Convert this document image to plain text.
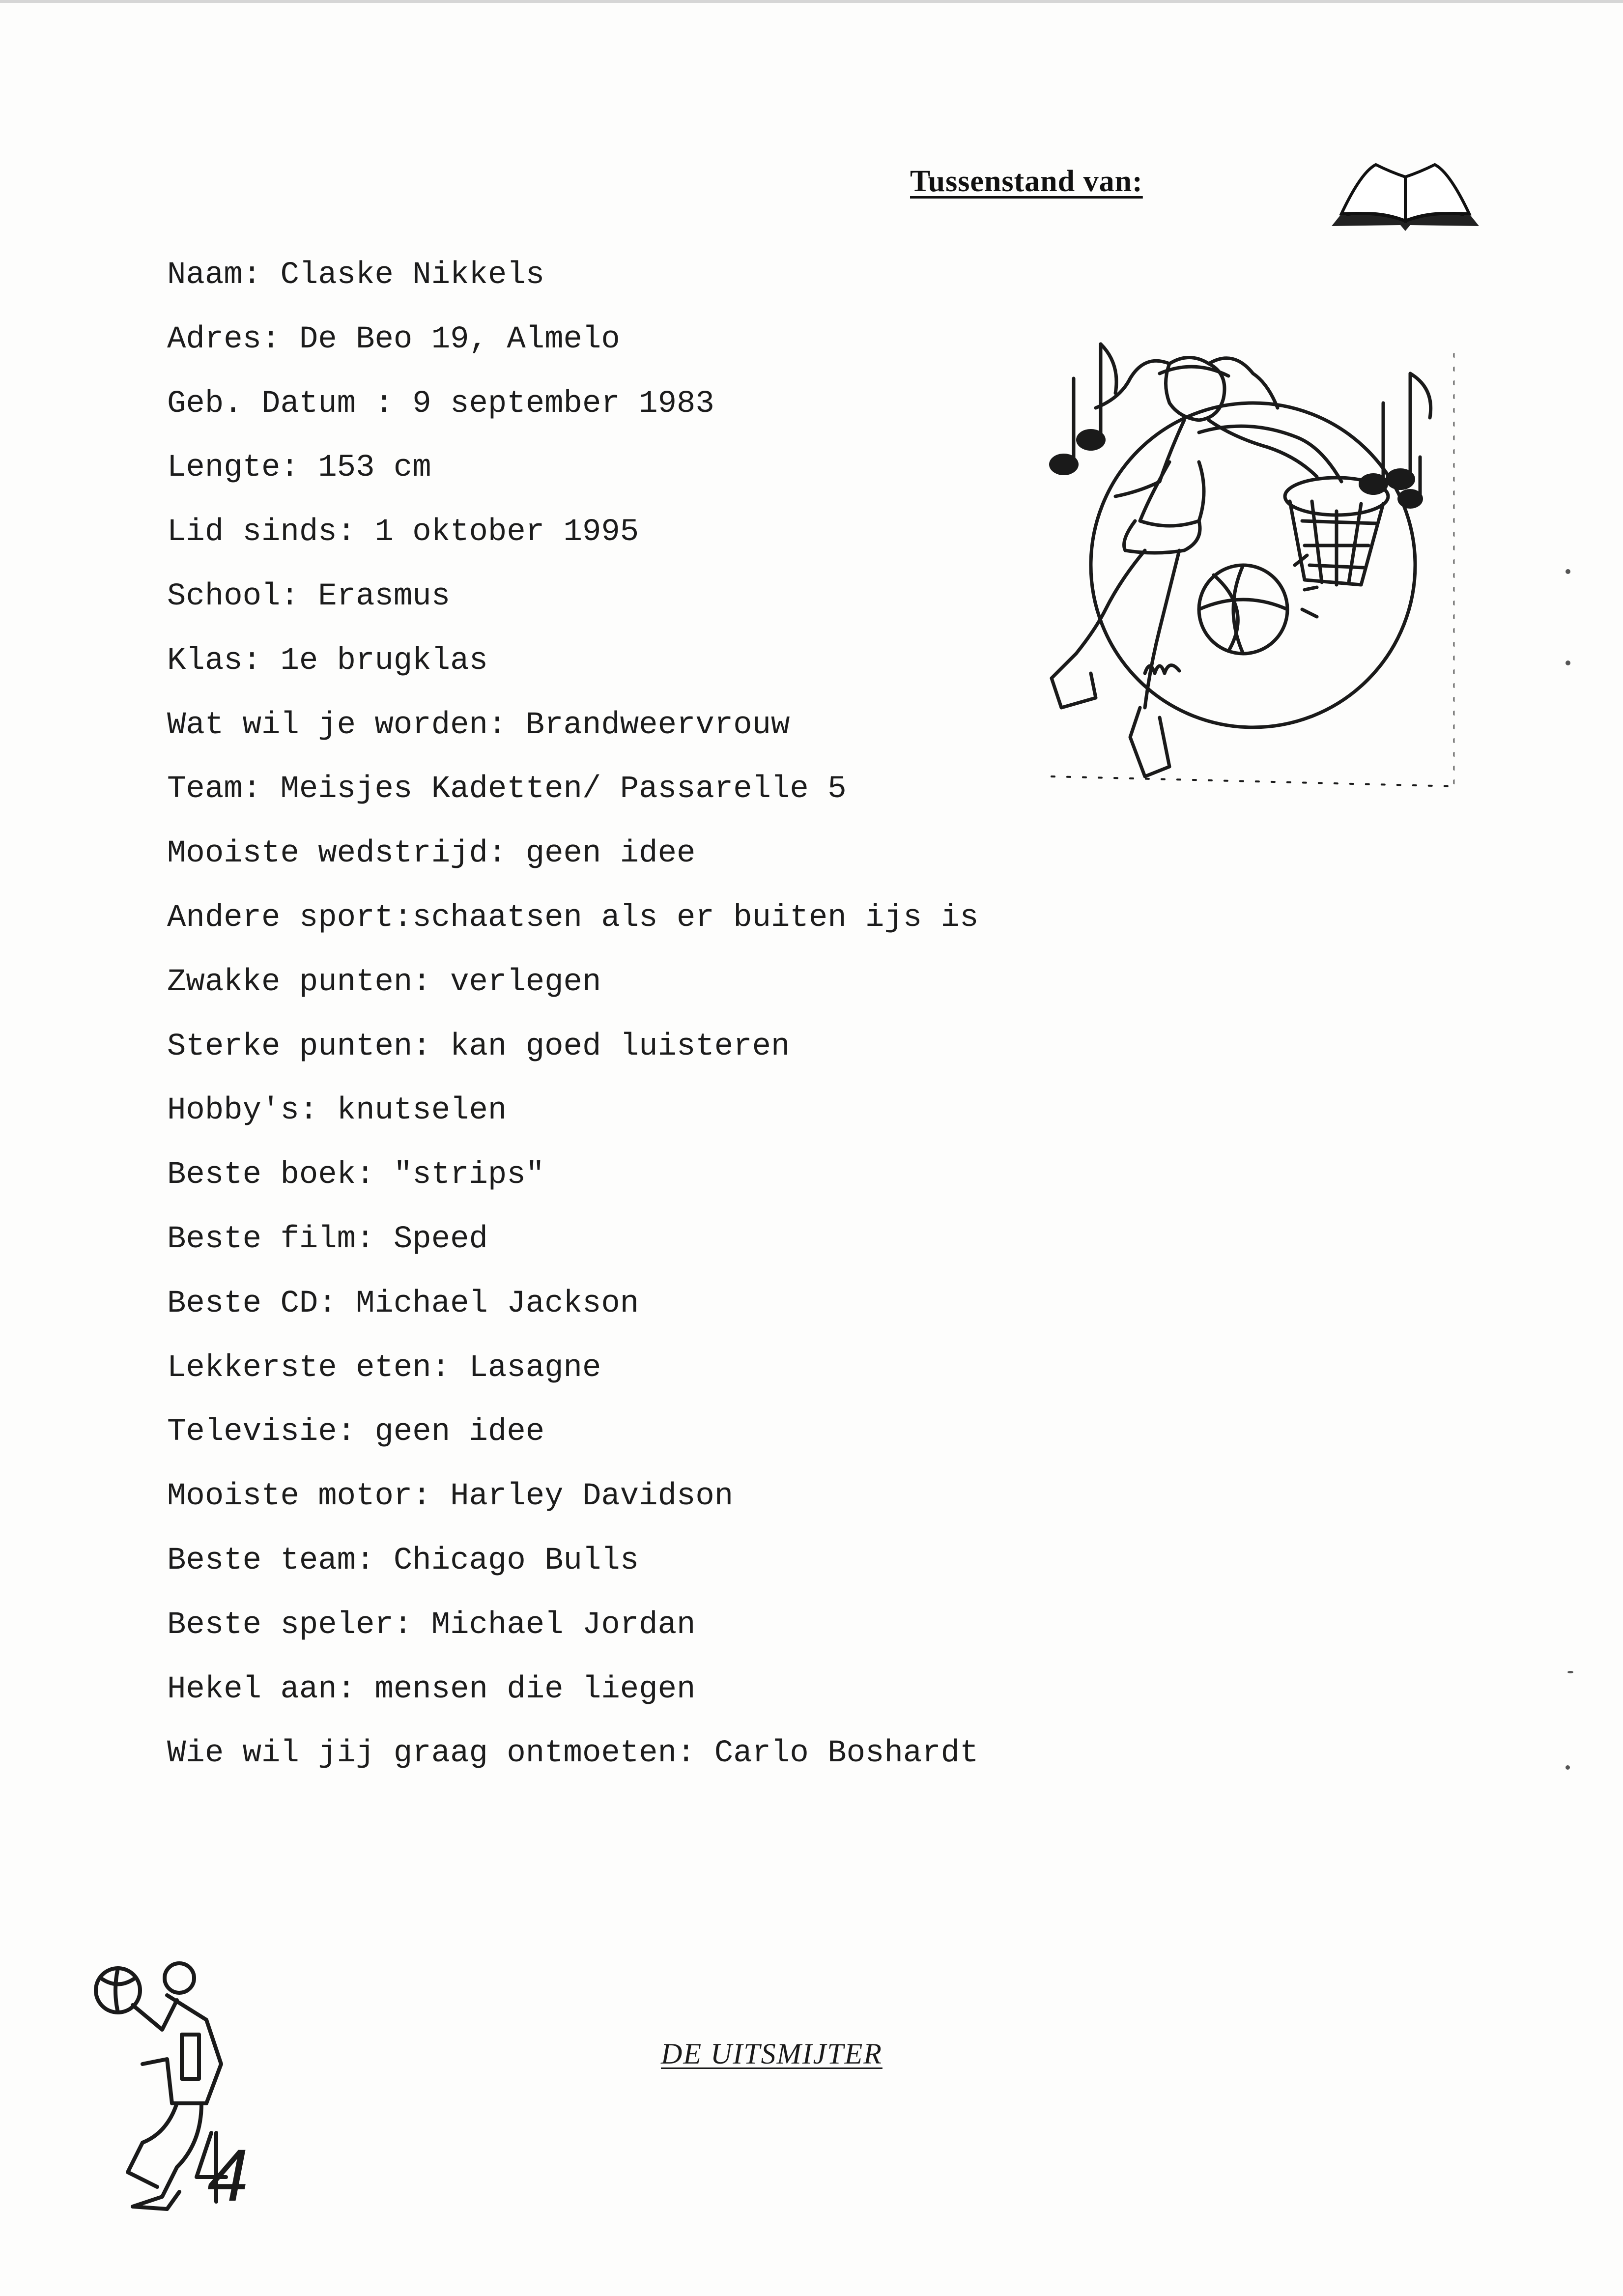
Tussenstand van:
Naam: Claske Nikkels
Adres: De Beo 19, Almelo
Geb. Datum : 9 september 1983
Lengte: 153 cm
Lid sinds: 1 oktober 1995
School: Erasmus
Klas: 1e brugklas
Wat wil je worden: Brandweervrouw
Team: Meisjes Kadetten/ Passarelle 5
Mooiste wedstrijd: geen idee
Andere sport:schaatsen als er buiten ijs is
Zwakke punten: verlegen
Sterke punten: kan goed luisteren
Hobby's: knutselen
Beste boek: "strips"
Beste film: Speed
Beste CD: Michael Jackson
Lekkerste eten: Lasagne
Televisie: geen idee
Mooiste motor: Harley Davidson
Beste team: Chicago Bulls
Beste speler: Michael Jordan
Hekel aan: mensen die liegen
Wie wil jij graag ontmoeten: Carlo Boshardt
4
DE UITSMIJTER
